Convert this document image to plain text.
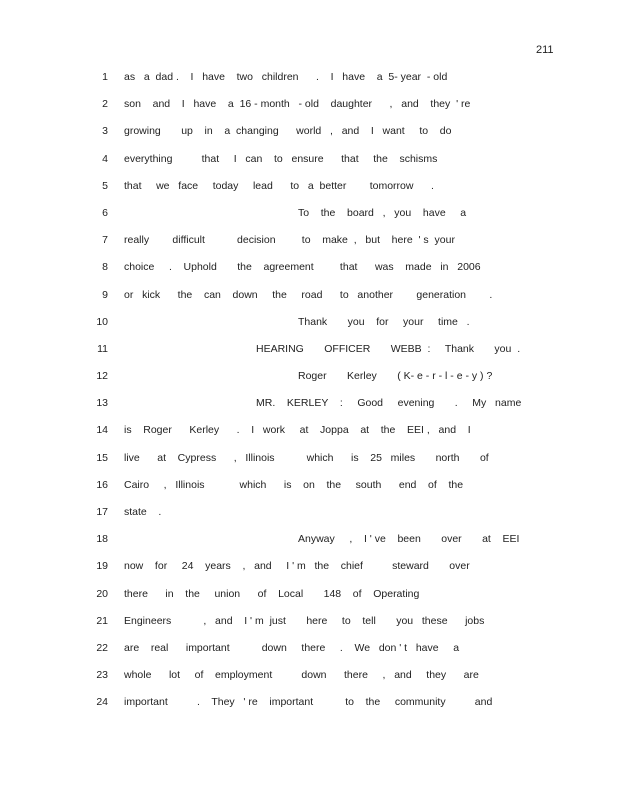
211
1 as   a  dad .    I   have    two   children      .    I   have    a  5- year  - old
2 son    and    I   have    a  16 - month   - old    daughter      ,   and    they  ' re
3 growing       up    in    a  changing      world   ,   and    I   want     to    do
4 everything          that     I   can    to   ensure      that     the    schisms
5 that     we   face     today     lead      to   a  better        tomorrow      .
6	To    the    board   ,   you    have     a
7 really        difficult           decision         to    make  ,   but    here  ' s  your
8 choice     .    Uphold       the    agreement         that      was    made   in   2006
9 or   kick      the    can    down     the     road      to   another        generation        .
10	Thank       you    for     your     time   .
11	HEARING       OFFICER       WEBB  :     Thank       you  .
12	Roger       Kerley       ( K- e - r - l - e - y ) ?
13	MR.    KERLEY    :     Good     evening       .     My   name
14 is    Roger      Kerley      .    I   work     at    Joppa    at    the    EEI ,   and    I
15 live      at    Cypress      ,   Illinois           which      is    25   miles       north       of
16 Cairo     ,   Illinois            which      is    on    the     south      end    of    the
17 state    .
18	Anyway     ,    I ' ve    been       over       at    EEI
19 now    for     24    years    ,   and     I ' m   the    chief          steward       over
20 there      in    the     union      of    Local       148    of    Operating
21 Engineers           ,   and    I ' m  just       here     to    tell       you   these      jobs
22 are    real      important           down     there     .    We   don ' t   have     a
23 whole      lot     of    employment          down      there     ,   and     they      are
24 important          .    They   ' re    important           to    the     community          and
